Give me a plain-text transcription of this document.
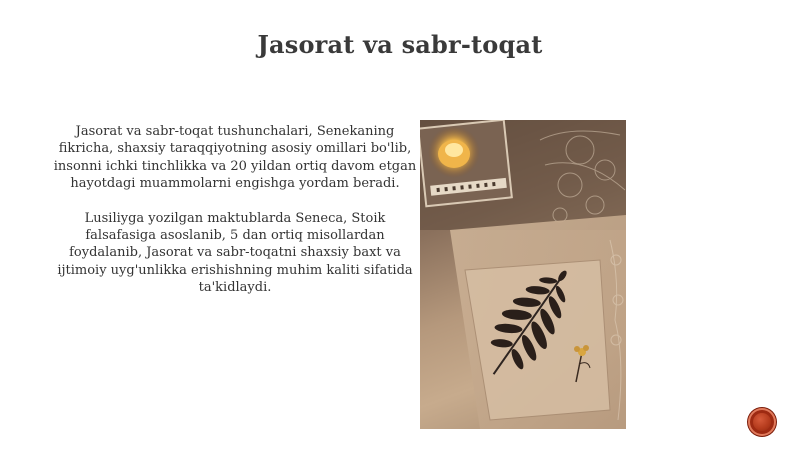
Jasorat va sabr-toqat

Jasorat va sabr-toqat tushunchalari, Senekaning fikricha, shaxsiy taraqqiyotning asosiy omillari bo'lib, insonni ichki tinchlikka va 20 yildan ortiq davom etgan hayotdagi muammolarni engishga yordam beradi.

Lusiliyga yozilgan maktublarda Seneca, Stoik falsafasiga asoslanib, 5 dan ortiq misollardan foydalanib, Jasorat va sabr-toqatni shaxsiy baxt va ijtimoiy uyg'unlikka erishishning muhim kaliti sifatida ta'kidlaydi.
